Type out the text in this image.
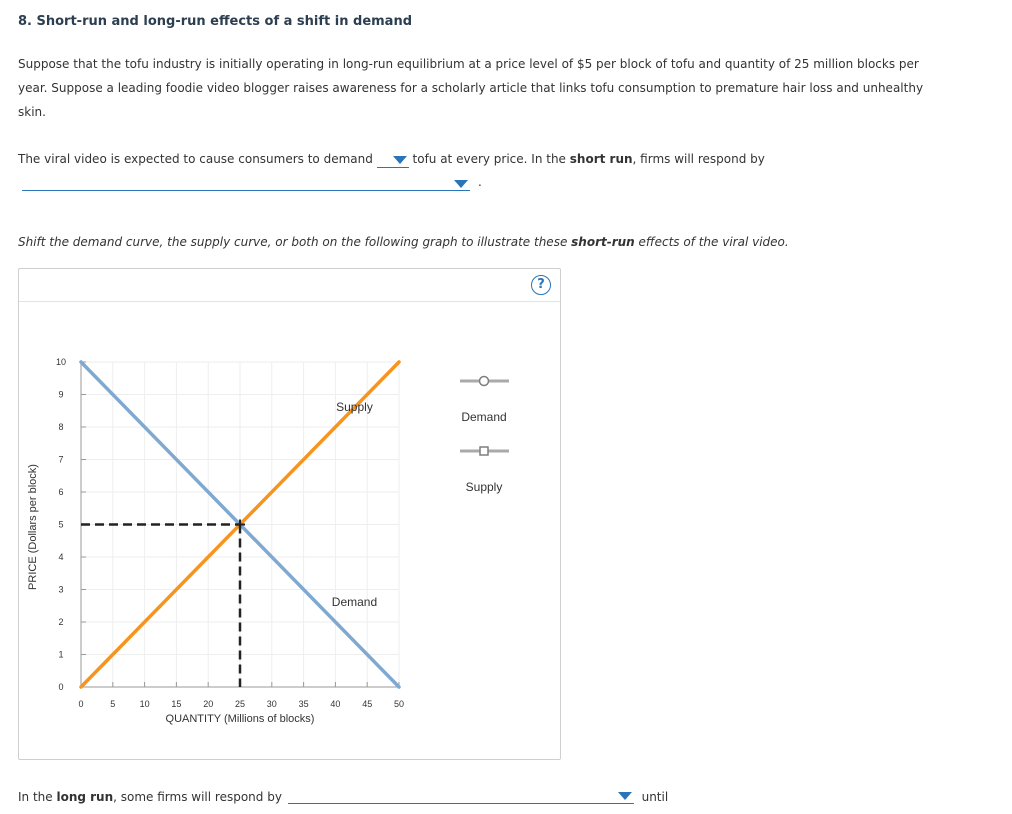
8. Short-run and long-run effects of a shift in demand
Suppose that the tofu industry is initially operating in long-run equilibrium at a price level of $5 per block of tofu and quantity of 25 million blocks per year. Suppose a leading foodie video blogger raises awareness for a scholarly article that links tofu consumption to premature hair loss and unhealthy skin.
The viral video is expected to cause consumers to demand	tofu at every price. In the short run, firms will respond by
.
Shift the demand curve, the supply curve, or both on the following graph to illustrate these short-run effects of the viral video.
?
0
1
2
3
4
5
6
7
8
9
10
0	5	10 15 20 25 30 35 40 45 50
Demand
Supply
QUANTITY (Millions of blocks)
PRICE (Dollars per block)
Demand
Supply
In the long run, some firms will respond by	until
